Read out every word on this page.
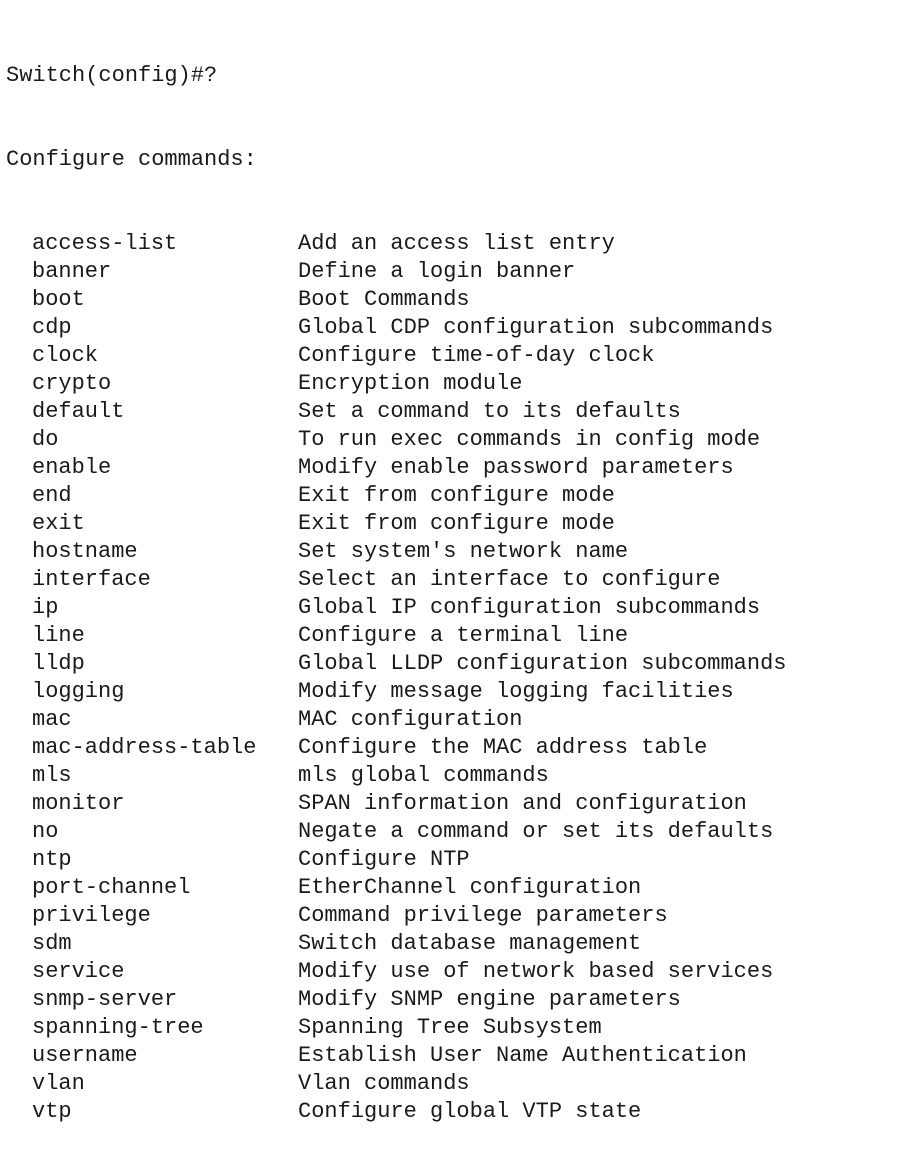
Switch(config)#?

Configure commands:

access-list	Add an access list entry
banner	Define a login banner
boot	Boot Commands
cdp	Global CDP configuration subcommands
clock	Configure time-of-day clock
crypto	Encryption module
default	Set a command to its defaults
do	To run exec commands in config mode
enable	Modify enable password parameters
end	Exit from configure mode
exit	Exit from configure mode
hostname	Set system's network name
interface	Select an interface to configure
ip	Global IP configuration subcommands
line	Configure a terminal line
lldp	Global LLDP configuration subcommands
logging	Modify message logging facilities
mac	MAC configuration
mac-address-table	Configure the MAC address table
mls	mls global commands
monitor	SPAN information and configuration
no	Negate a command or set its defaults
ntp	Configure NTP
port-channel	EtherChannel configuration
privilege	Command privilege parameters
sdm	Switch database management
service	Modify use of network based services
snmp-server	Modify SNMP engine parameters
spanning-tree	Spanning Tree Subsystem
username	Establish User Name Authentication
vlan	Vlan commands
vtp	Configure global VTP state
